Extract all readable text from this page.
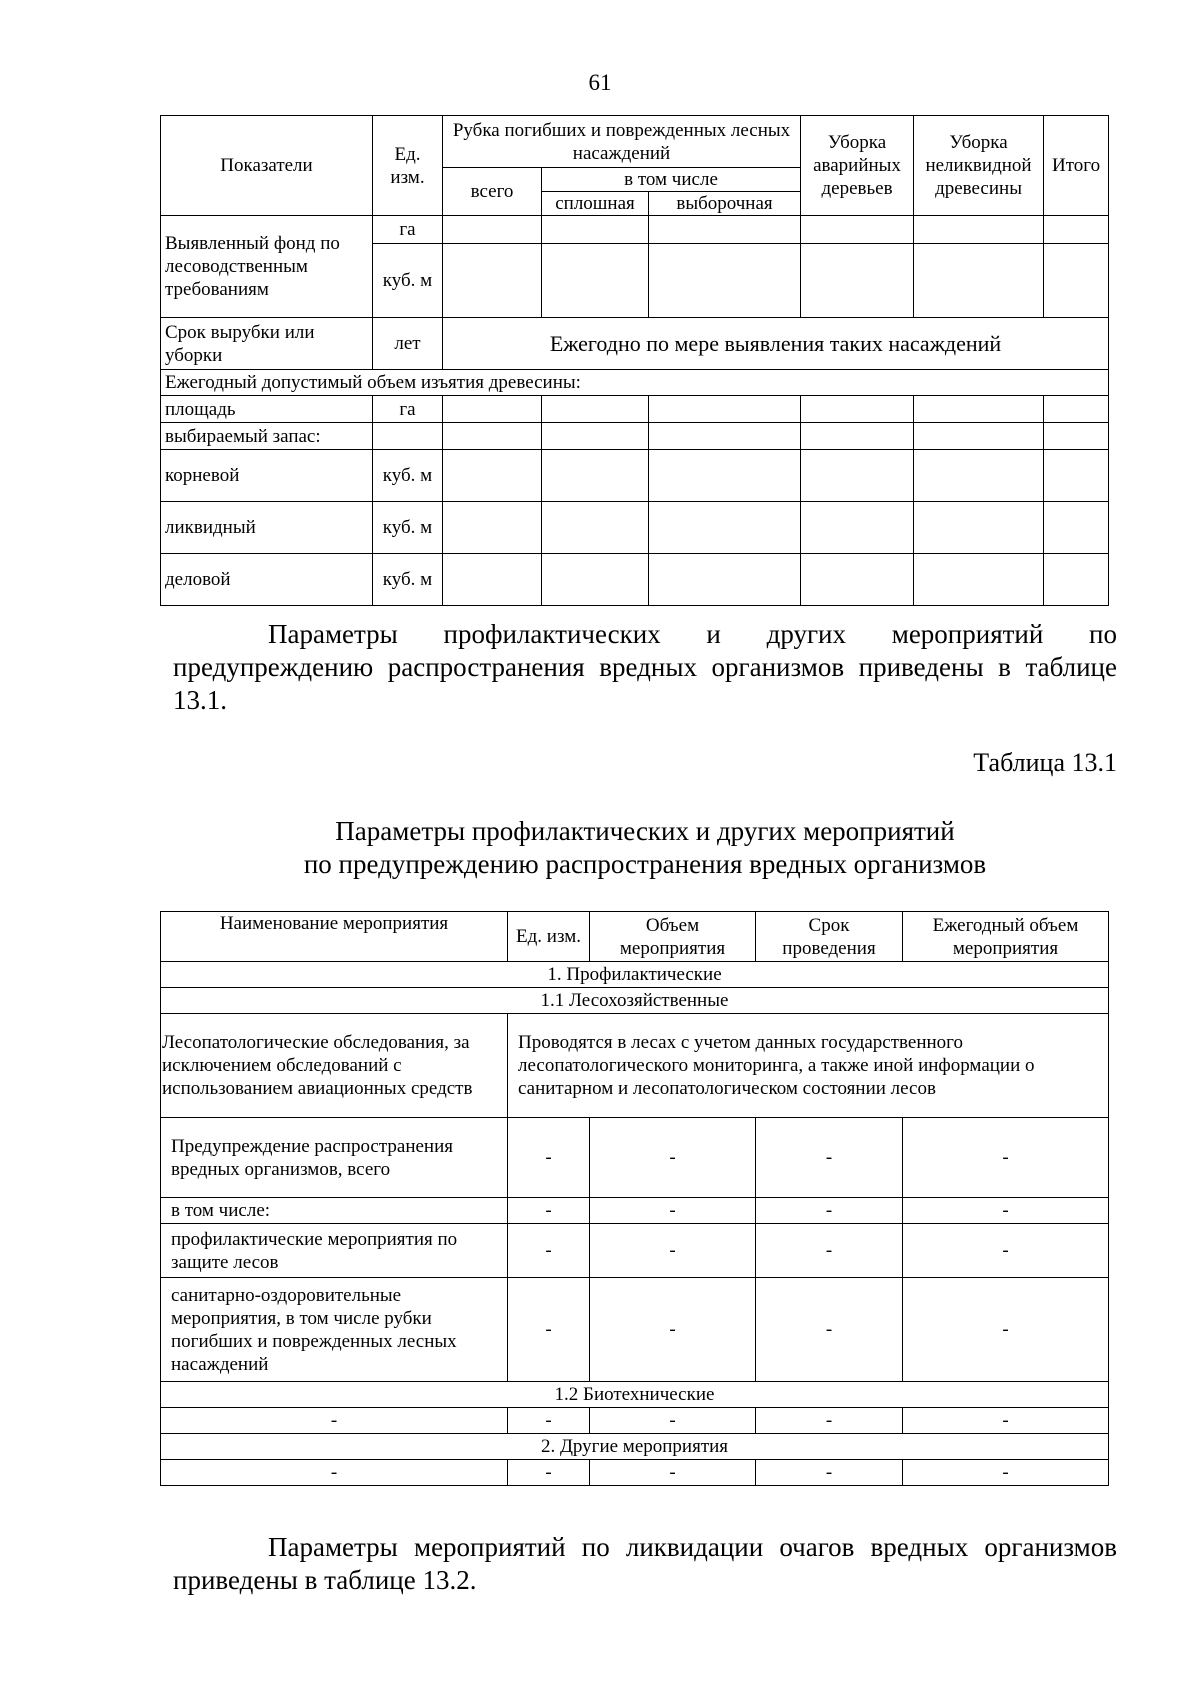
61
Показатели	Ед. изм.	Рубка погибших и поврежденных лесных насаждений			Уборка аварийных деревьев	Уборка неликвидной древесины	Итого
		всего	в том числе				
			сплошная	выборочная			
Выявленный фонд по лесоводственным требованиям	га						
	куб. м						
Срок вырубки или уборки	лет	Ежегодно по мере выявления таких насаждений					
Ежегодный допустимый объем изъятия древесины:							
площадь	га						
выбираемый запас:							
корневой	куб. м						
ликвидный	куб. м						
деловой	куб. м						
Параметры профилактических и других мероприятий по
предупреждению распространения вредных организмов приведены в таблице 13.1.
Таблица 13.1
Параметры профилактических и других мероприятий
по предупреждению распространения вредных организмов
Наименование мероприятия	Ед. изм.	Объем мероприятия	Срок проведения	Ежегодный объем мероприятия
1. Профилактические				
1.1 Лесохозяйственные				
Лесопатологические обследования, за исключением обследований с использованием авиационных средств	Проводятся в лесах с учетом данных государственного лесопатологического мониторинга, а также иной информации о санитарном и лесопатологическом состоянии лесов			
Предупреждение распространения вредных организмов, всего	-	-	-	-
в том числе:	-	-	-	-
профилактические мероприятия по защите лесов	-	-	-	-
санитарно-оздоровительные мероприятия, в том числе рубки погибших и поврежденных лесных насаждений	-	-	-	-
1.2 Биотехнические				
-	-	-	-	-
2. Другие мероприятия				
-	-	-	-	-
Параметры мероприятий по ликвидации очагов вредных организмов приведены в таблице 13.2.
